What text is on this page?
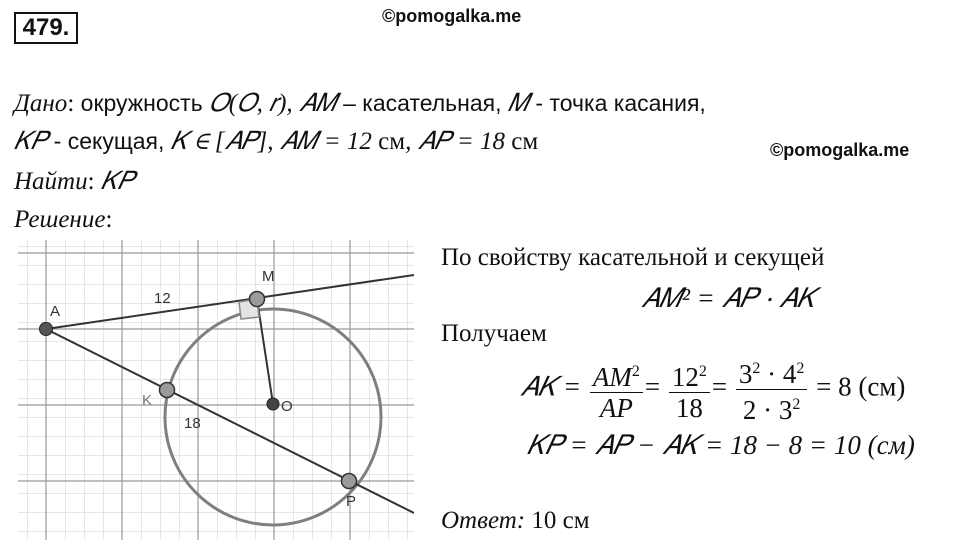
479.	©pomogalka.me
Дано: окружность 𝑂(𝑂, 𝑟), 𝐴𝑀 – касательная, 𝑀 - точка касания,
𝐾𝑃 - секущая, 𝐾 ∈ [𝐴𝑃], 𝐴𝑀 = 12 см, 𝐴𝑃 = 18 см	©pomogalka.me
Найти: 𝐾𝑃
Решение:
A
M
K	O
P
12
18
По свойству касательной и секущей
𝐴𝑀² = 𝐴𝑃 ⋅ 𝐴𝐾
Получаем
𝐴𝐾 = $\frac{AM^2}{AP} = \frac{12^2}{18} = \frac{3^2 \cdot 4^2}{2 \cdot 3^2} = 8$ (см)
𝐾𝑃 = 𝐴𝑃 − 𝐴𝐾 = 18 − 8 = 10 (см)
Ответ: 10 см
